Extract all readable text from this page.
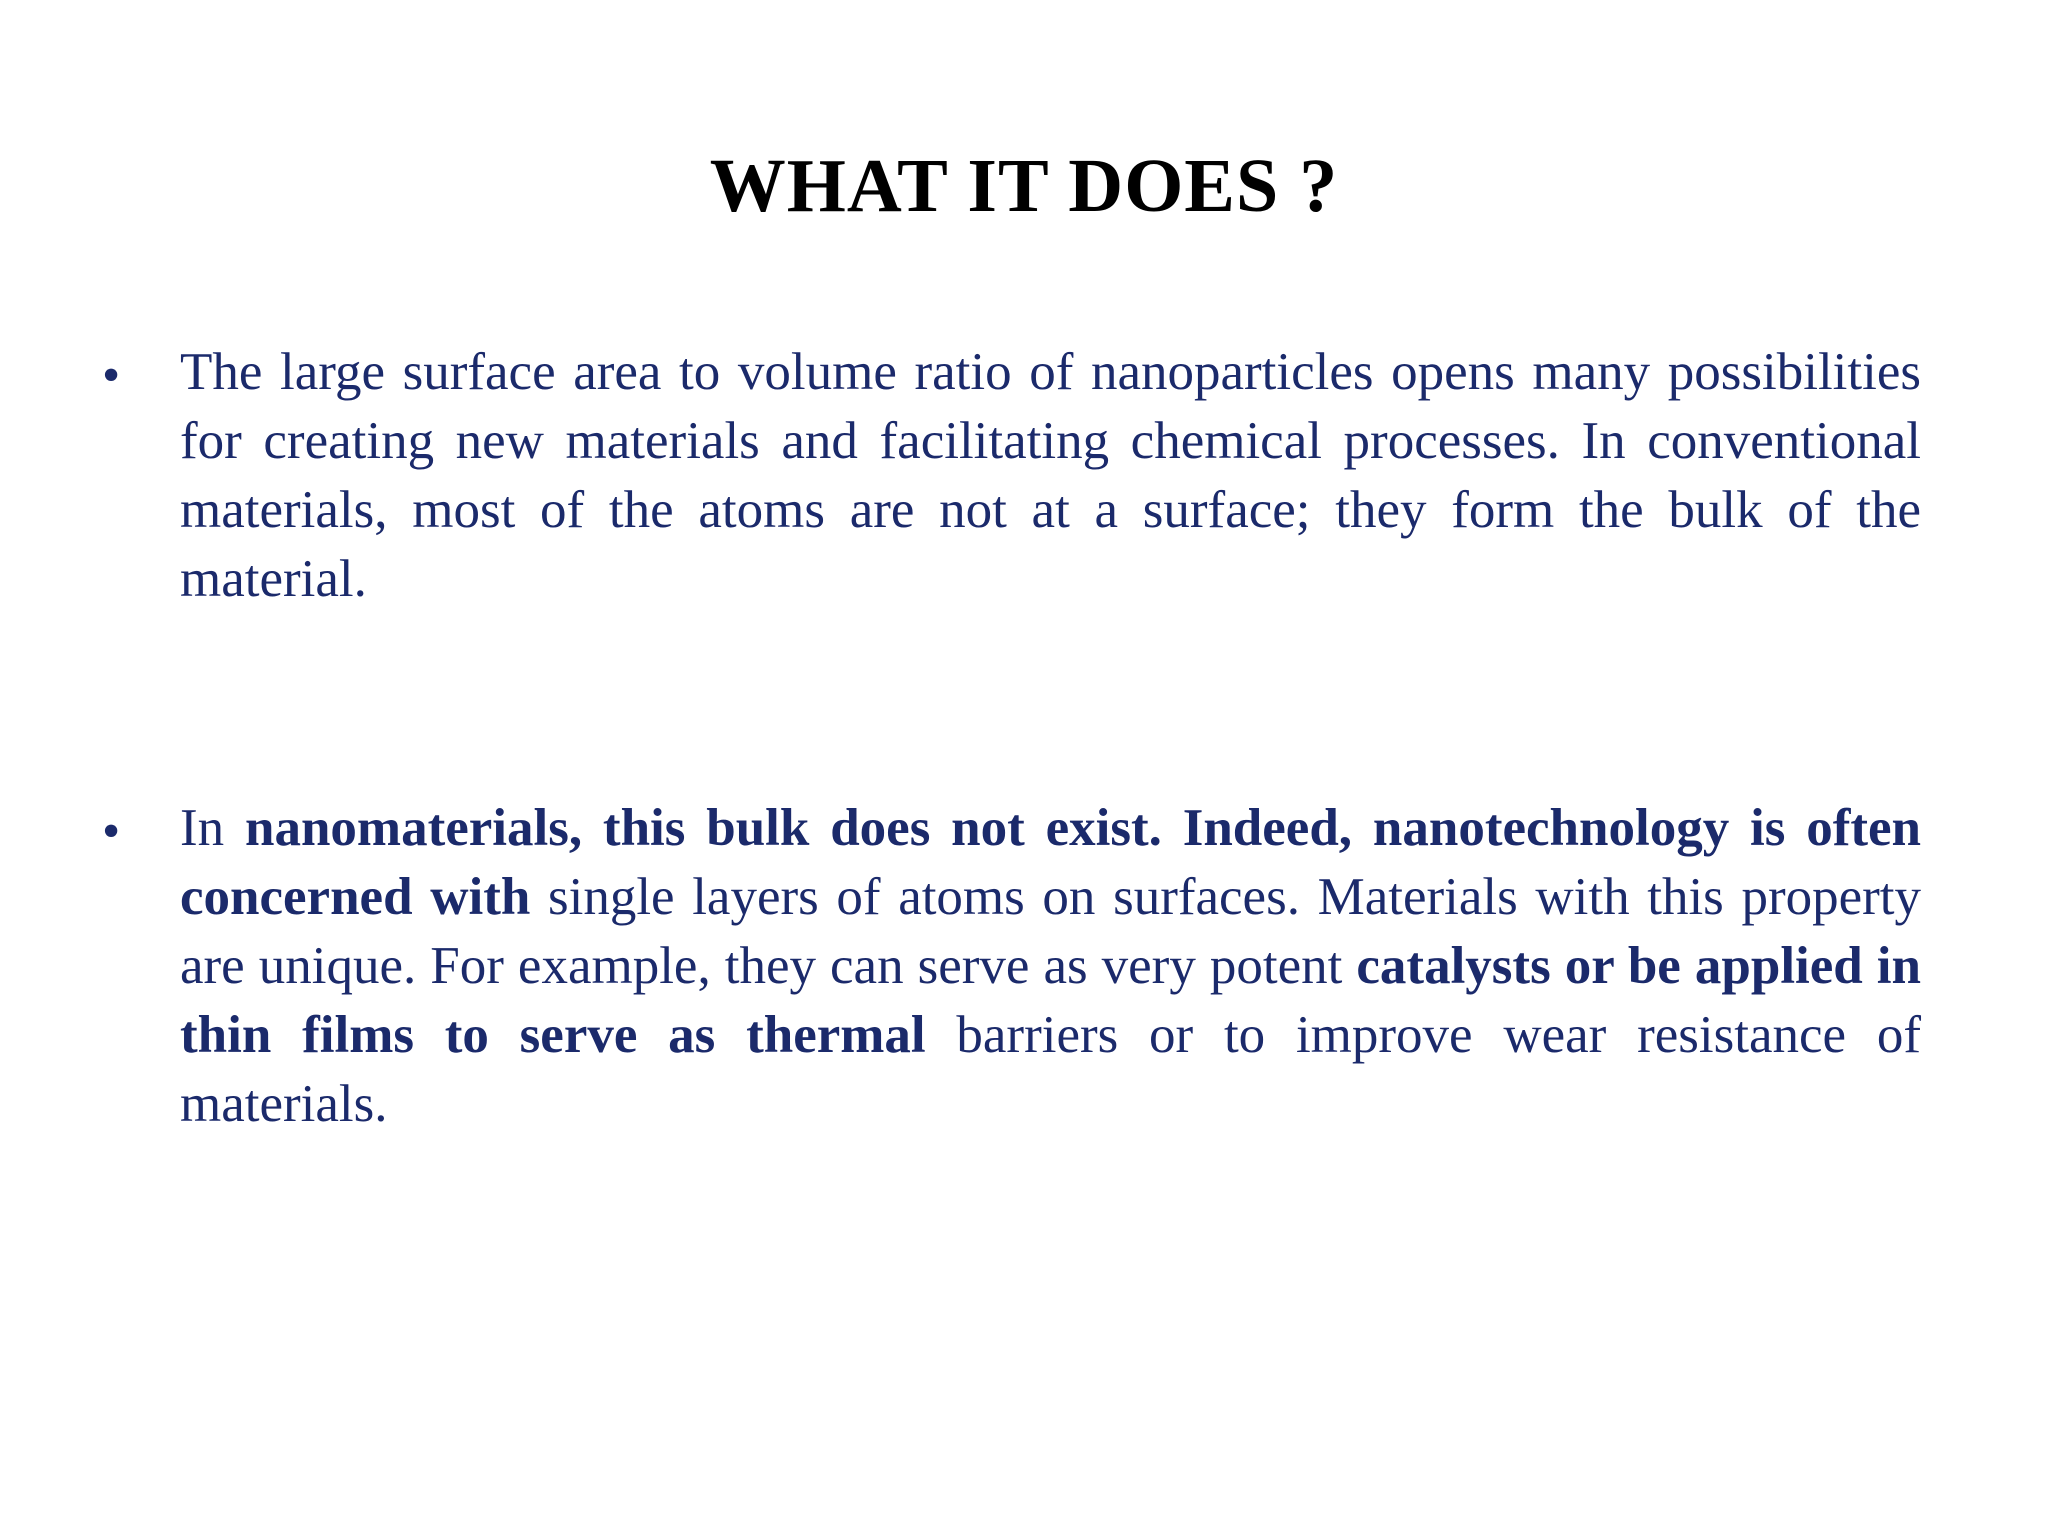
WHAT IT DOES ?
• The large surface area to volume ratio of nanoparticles opens many possibilities for creating new materials and facilitating chemical processes. In conventional materials, most of the atoms are not at a surface; they form the bulk of the material.

• In nanomaterials, this bulk does not exist. Indeed, nanotechnology is often concerned with single layers of atoms on surfaces. Materials with this property are unique. For example, they can serve as very potent catalysts or be applied in thin films to serve as thermal barriers or to improve wear resistance of materials.
